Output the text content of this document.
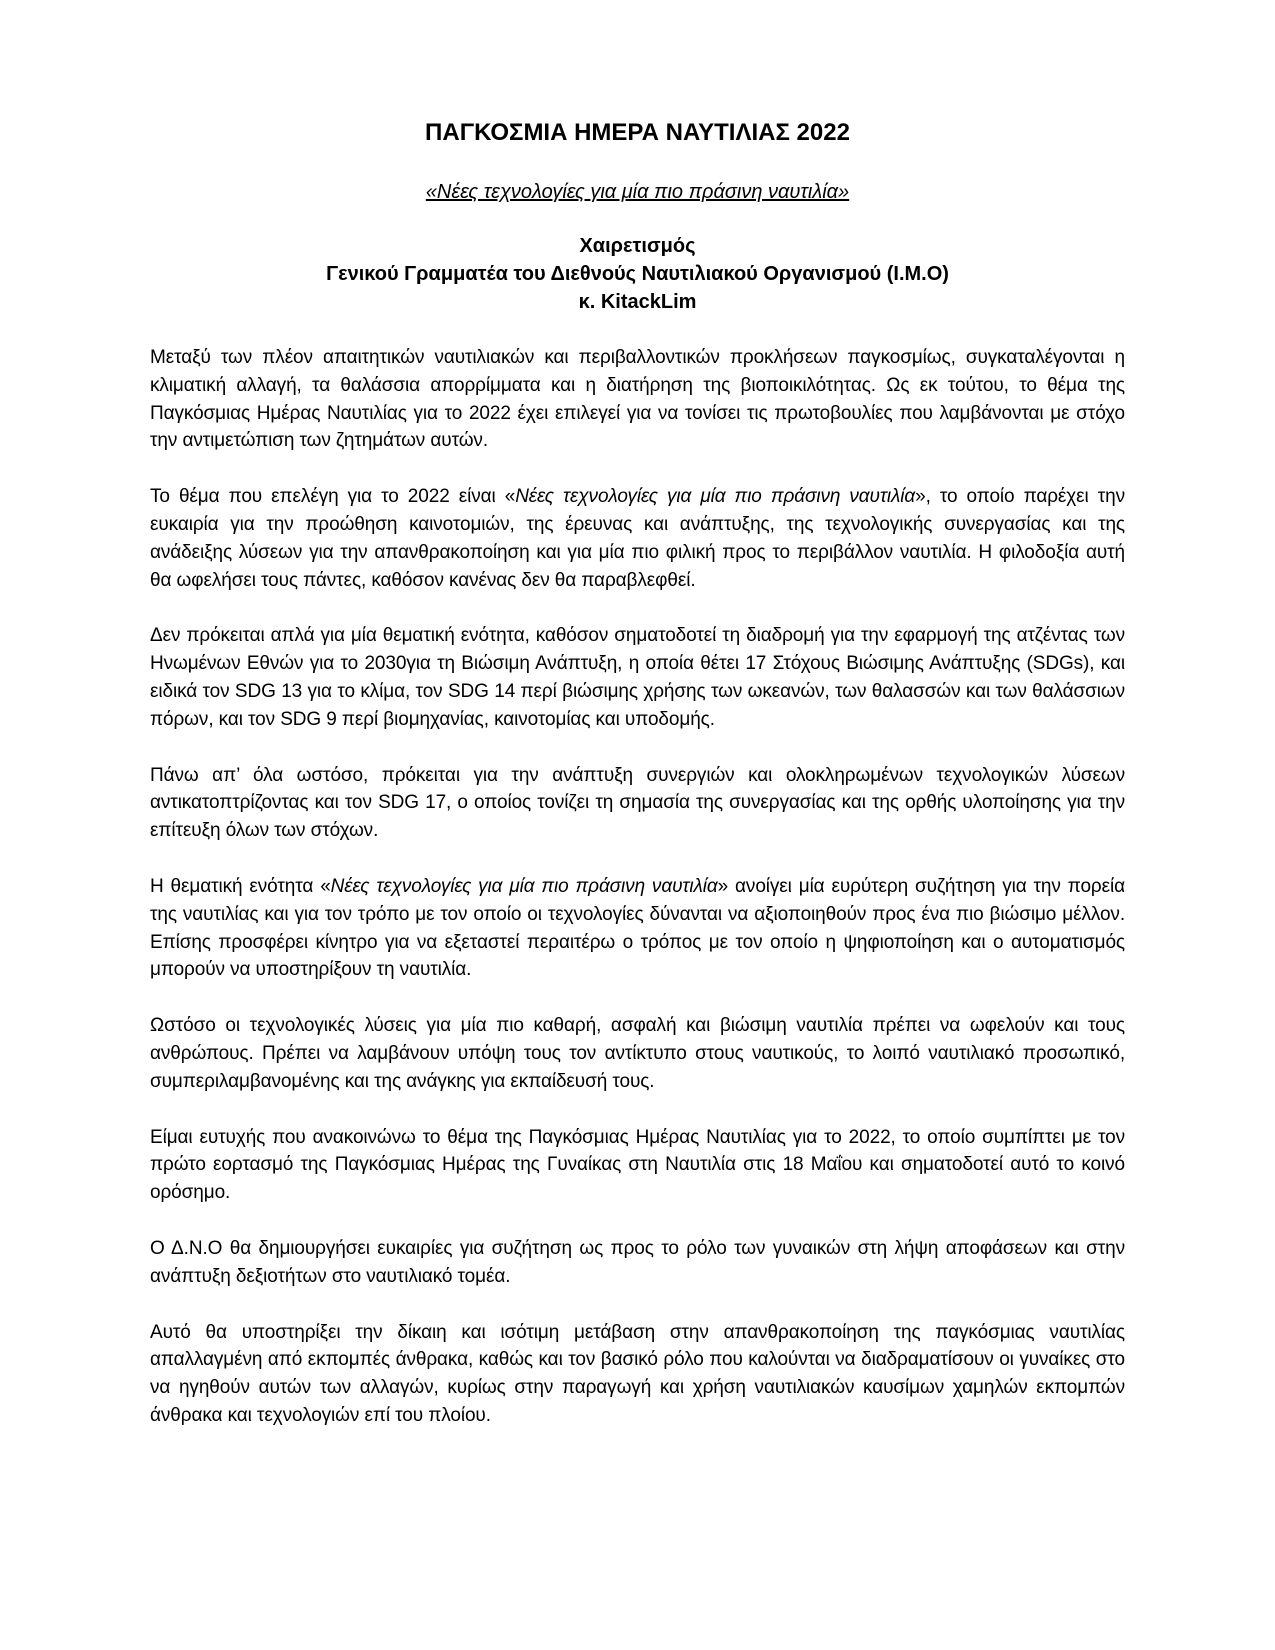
ΠΑΓΚΟΣΜΙΑ ΗΜΕΡΑ ΝΑΥΤΙΛΙΑΣ 2022

«Νέες τεχνολογίες για μία πιο πράσινη ναυτιλία»

Χαιρετισμός
Γενικού Γραμματέα του Διεθνούς Ναυτιλιακού Οργανισμού (Ι.Μ.Ο)
κ. KitackLim

Μεταξύ των πλέον απαιτητικών ναυτιλιακών και περιβαλλοντικών προκλήσεων παγκοσμίως, συγκαταλέγονται η κλιματική αλλαγή, τα θαλάσσια απορρίμματα και η διατήρηση της βιοποικιλότητας. Ως εκ τούτου, το θέμα της Παγκόσμιας Ημέρας Ναυτιλίας για το 2022 έχει επιλεγεί για να τονίσει τις πρωτοβουλίες που λαμβάνονται με στόχο την αντιμετώπιση των ζητημάτων αυτών.

Το θέμα που επελέγη για το 2022 είναι «Νέες τεχνολογίες για μία πιο πράσινη ναυτιλία», το οποίο παρέχει την ευκαιρία για την προώθηση καινοτομιών, της έρευνας και ανάπτυξης, της τεχνολογικής συνεργασίας και της ανάδειξης λύσεων για την απανθρακοποίηση και για μία πιο φιλική προς το περιβάλλον ναυτιλία. Η φιλοδοξία αυτή θα ωφελήσει τους πάντες, καθόσον κανένας δεν θα παραβλεφθεί.

Δεν πρόκειται απλά για μία θεματική ενότητα, καθόσον σηματοδοτεί τη διαδρομή για την εφαρμογή της ατζέντας των Ηνωμένων Εθνών για το 2030για τη Βιώσιμη Ανάπτυξη, η οποία θέτει 17 Στόχους Βιώσιμης Ανάπτυξης (SDGs), και ειδικά τον SDG 13 για το κλίμα, τον SDG 14 περί βιώσιμης χρήσης των ωκεανών, των θαλασσών και των θαλάσσιων πόρων, και τον SDG 9 περί βιομηχανίας, καινοτομίας και υποδομής.

Πάνω απ’ όλα ωστόσο, πρόκειται για την ανάπτυξη συνεργιών και ολοκληρωμένων τεχνολογικών λύσεων αντικατοπτρίζοντας και τον SDG 17, ο οποίος τονίζει τη σημασία της συνεργασίας και της ορθής υλοποίησης για την επίτευξη όλων των στόχων.

Η θεματική ενότητα «Νέες τεχνολογίες για μία πιο πράσινη ναυτιλία» ανοίγει μία ευρύτερη συζήτηση για την πορεία της ναυτιλίας και για τον τρόπο με τον οποίο οι τεχνολογίες δύνανται να αξιοποιηθούν προς ένα πιο βιώσιμο μέλλον. Επίσης προσφέρει κίνητρο για να εξεταστεί περαιτέρω ο τρόπος με τον οποίο η ψηφιοποίηση και ο αυτοματισμός μπορούν να υποστηρίξουν τη ναυτιλία.

Ωστόσο οι τεχνολογικές λύσεις για μία πιο καθαρή, ασφαλή και βιώσιμη ναυτιλία πρέπει να ωφελούν και τους ανθρώπους. Πρέπει να λαμβάνουν υπόψη τους τον αντίκτυπο στους ναυτικούς, το λοιπό ναυτιλιακό προσωπικό, συμπεριλαμβανομένης και της ανάγκης για εκπαίδευσή τους.

Είμαι ευτυχής που ανακοινώνω το θέμα της Παγκόσμιας Ημέρας Ναυτιλίας για το 2022, το οποίο συμπίπτει με τον πρώτο εορτασμό της Παγκόσμιας Ημέρας της Γυναίκας στη Ναυτιλία στις 18 Μαΐου και σηματοδοτεί αυτό το κοινό ορόσημο.

Ο Δ.Ν.Ο θα δημιουργήσει ευκαιρίες για συζήτηση ως προς το ρόλο των γυναικών στη λήψη αποφάσεων και στην ανάπτυξη δεξιοτήτων στο ναυτιλιακό τομέα.

Αυτό θα υποστηρίξει την δίκαιη και ισότιμη μετάβαση στην απανθρακοποίηση της παγκόσμιας ναυτιλίας απαλλαγμένη από εκπομπές άνθρακα, καθώς και τον βασικό ρόλο που καλούνται να διαδραματίσουν οι γυναίκες στο να ηγηθούν αυτών των αλλαγών, κυρίως στην παραγωγή και χρήση ναυτιλιακών καυσίμων χαμηλών εκπομπών άνθρακα και τεχνολογιών επί του πλοίου.
